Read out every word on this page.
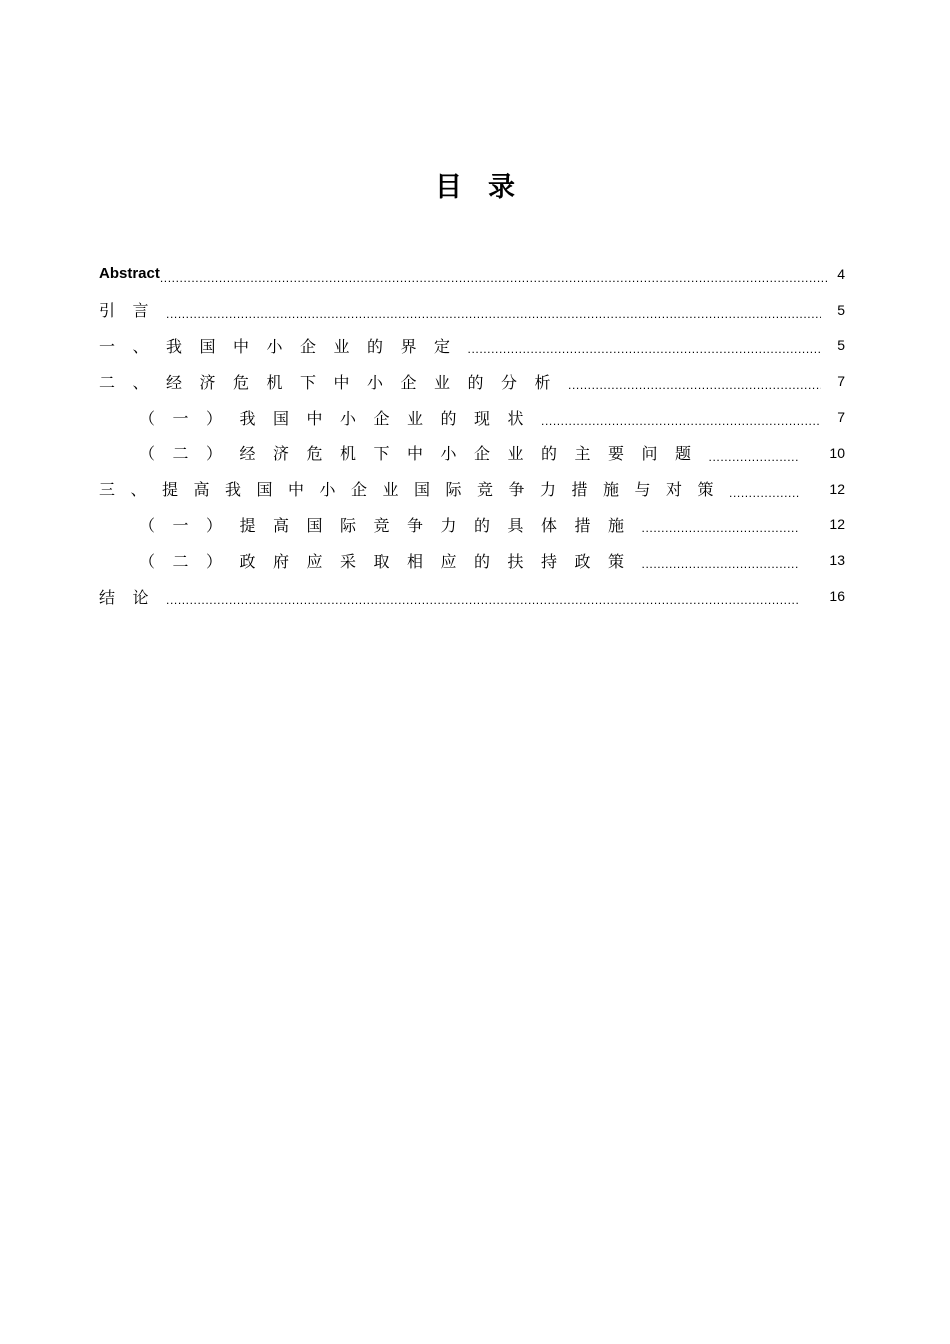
目录
Abstract .....	4
引言 .....	5
一、我国中小企业的界定 .....	5
二、经济危机下中小企业的分析 .....	7
（一）我国中小企业的现状 .....	7
（二）经济危机下中小企业的主要问题 .....	10
三、提高我国中小企业国际竞争力措施与对策 .....	12
（一）提高国际竞争力的具体措施 .....	12
（二）政府应采取相应的扶持政策 .....	13
结论 .....	16
